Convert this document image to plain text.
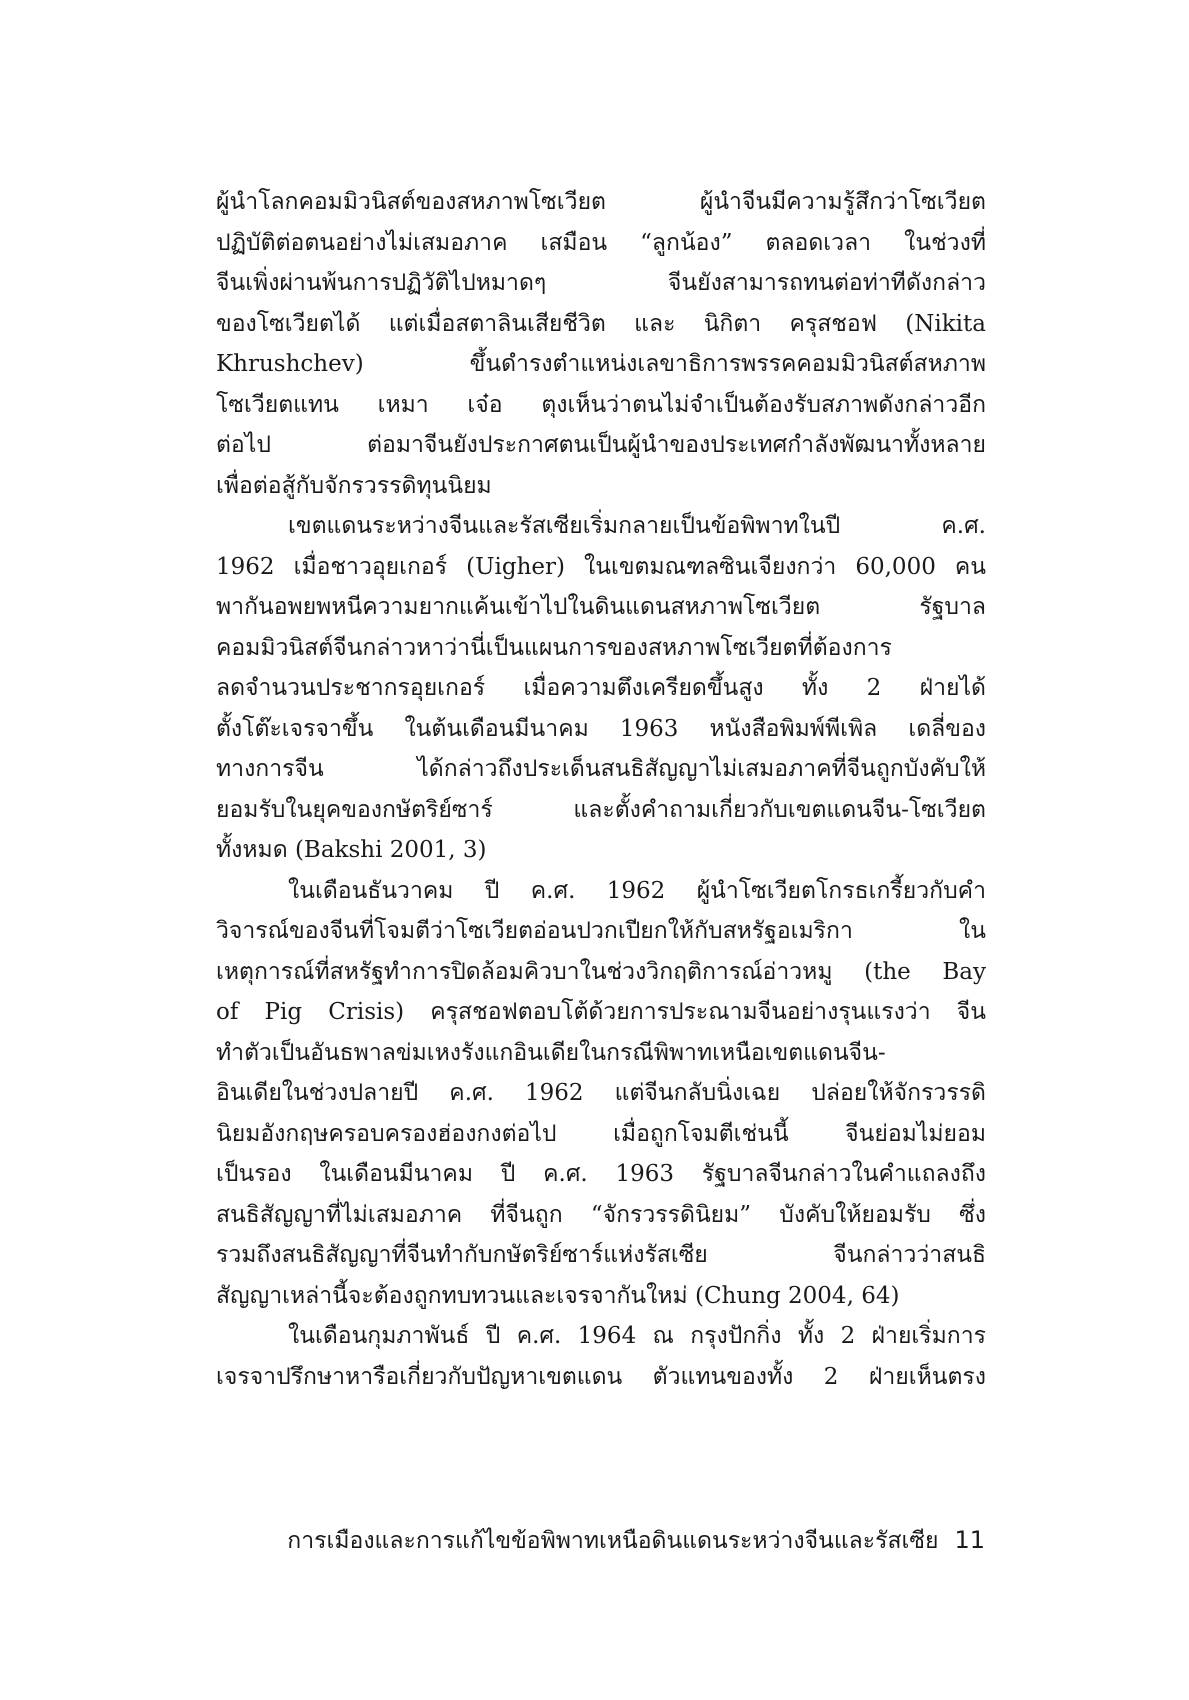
ผู้นำโลกคอมมิวนิสต์ของสหภาพโซเวียต ผู้นำจีนมีความรู้สึกว่าโซเวียต
ปฏิบัติต่อตนอย่างไม่เสมอภาค เสมือน “ลูกน้อง” ตลอดเวลา ในช่วงที่
จีนเพิ่งผ่านพ้นการปฏิวัติไปหมาดๆ จีนยังสามารถทนต่อท่าทีดังกล่าว
ของโซเวียตได้ แต่เมื่อสตาลินเสียชีวิต และ นิกิตา ครุสชอฟ (Nikita
Khrushchev) ขึ้นดำรงตำแหน่งเลขาธิการพรรคคอมมิวนิสต์สหภาพ
โซเวียตแทน เหมา เจ๋อ ตุงเห็นว่าตนไม่จำเป็นต้องรับสภาพดังกล่าวอีก
ต่อไป ต่อมาจีนยังประกาศตนเป็นผู้นำของประเทศกำลังพัฒนาทั้งหลาย
เพื่อต่อสู้กับจักรวรรดิทุนนิยม
เขตแดนระหว่างจีนและรัสเซียเริ่มกลายเป็นข้อพิพาทในปี ค.ศ.
1962 เมื่อชาวอุยเกอร์ (Uigher) ในเขตมณฑลซินเจียงกว่า 60,000 คน
พากันอพยพหนีความยากแค้นเข้าไปในดินแดนสหภาพโซเวียต รัฐบาล
คอมมิวนิสต์จีนกล่าวหาว่านี่เป็นแผนการของสหภาพโซเวียตที่ต้องการ
ลดจำนวนประชากรอุยเกอร์ เมื่อความตึงเครียดขึ้นสูง ทั้ง 2 ฝ่ายได้
ตั้งโต๊ะเจรจาขึ้น ในต้นเดือนมีนาคม 1963 หนังสือพิมพ์พีเพิล เดลี่ของ
ทางการจีน ได้กล่าวถึงประเด็นสนธิสัญญาไม่เสมอภาคที่จีนถูกบังคับให้
ยอมรับในยุคของกษัตริย์ซาร์ และตั้งคำถามเกี่ยวกับเขตแดนจีน-โซเวียต
ทั้งหมด (Bakshi 2001, 3)
ในเดือนธันวาคม ปี ค.ศ. 1962 ผู้นำโซเวียตโกรธเกรี้ยวกับคำ
วิจารณ์ของจีนที่โจมตีว่าโซเวียตอ่อนปวกเปียกให้กับสหรัฐอเมริกา ใน
เหตุการณ์ที่สหรัฐทำการปิดล้อมคิวบาในช่วงวิกฤติการณ์อ่าวหมู (the Bay
of Pig Crisis) ครุสชอฟตอบโต้ด้วยการประณามจีนอย่างรุนแรงว่า จีน
ทำตัวเป็นอันธพาลข่มเหงรังแกอินเดียในกรณีพิพาทเหนือเขตแดนจีน-
อินเดียในช่วงปลายปี ค.ศ. 1962 แต่จีนกลับนิ่งเฉย ปล่อยให้จักรวรรดิ
นิยมอังกฤษครอบครองฮ่องกงต่อไป เมื่อถูกโจมตีเช่นนี้ จีนย่อมไม่ยอม
เป็นรอง ในเดือนมีนาคม ปี ค.ศ. 1963 รัฐบาลจีนกล่าวในคำแถลงถึง
สนธิสัญญาที่ไม่เสมอภาค ที่จีนถูก “จักรวรรดินิยม” บังคับให้ยอมรับ ซึ่ง
รวมถึงสนธิสัญญาที่จีนทำกับกษัตริย์ซาร์แห่งรัสเซีย จีนกล่าวว่าสนธิ
สัญญาเหล่านี้จะต้องถูกทบทวนและเจรจากันใหม่ (Chung 2004, 64)
ในเดือนกุมภาพันธ์ ปี ค.ศ. 1964 ณ กรุงปักกิ่ง ทั้ง 2 ฝ่ายเริ่มการ
เจรจาปรึกษาหารือเกี่ยวกับปัญหาเขตแดน ตัวแทนของทั้ง 2 ฝ่ายเห็นตรง
การเมืองและการแก้ไขข้อพิพาทเหนือดินแดนระหว่างจีนและรัสเซีย 11
